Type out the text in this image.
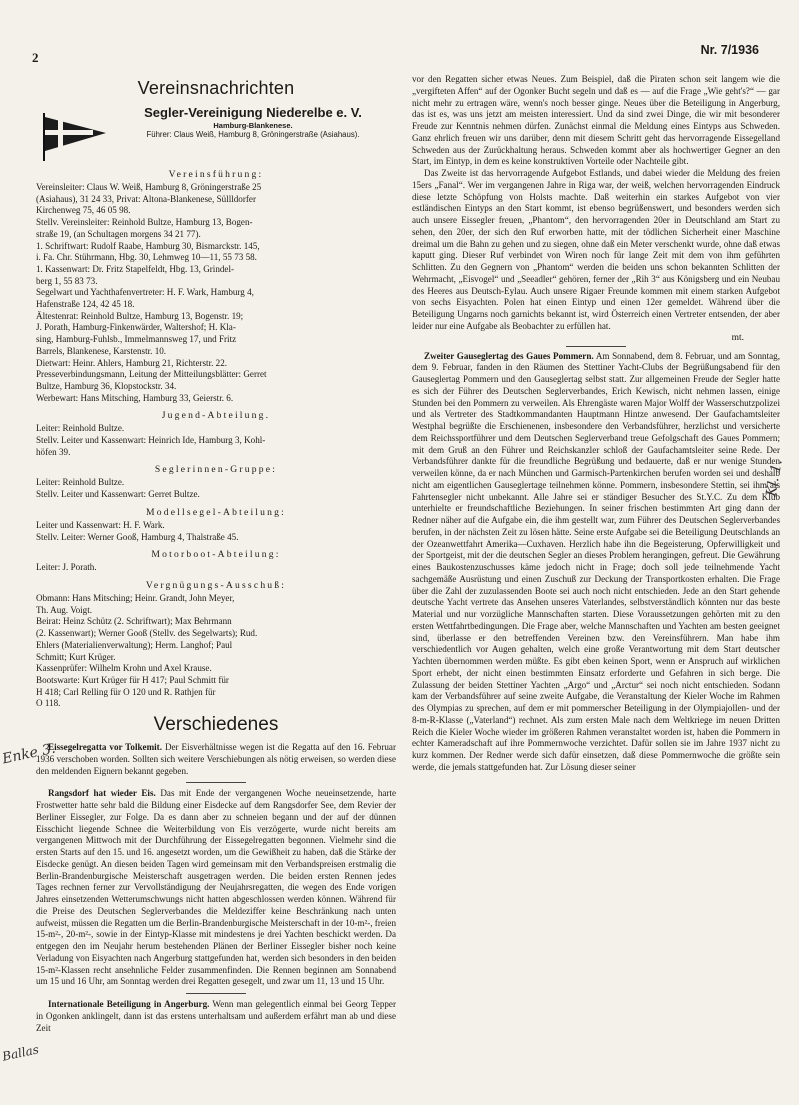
2	Nr. 7/1936
Vereinsnachrichten
Segler-Vereinigung Niederelbe e. V.
Hamburg-Blankenese.
Führer: Claus Weiß, Hamburg 8, Gröningerstraße (Asiahaus).
Vereinsführung:
Vereinsleiter: Claus W. Weiß, Hamburg 8, Gröningerstraße 25
(Asiahaus), 31 24 33, Privat: Altona-Blankenese, Süllldorfer
Kirchenweg 75, 46 05 98.
Stellv. Vereinsleiter: Reinhold Bultze, Hamburg 13, Bogen-
straße 19, (an Schultagen morgens 34 21 77).
1. Schriftwart: Rudolf Raabe, Hamburg 30, Bismarckstr. 145,
i. Fa. Chr. Stührmann, Hbg. 30, Lehmweg 10—11, 55 73 58.
1. Kassenwart: Dr. Fritz Stapelfeldt, Hbg. 13, Grindel-
berg 1, 55 83 73.
Segelwart und Yachthafenvertreter: H. F. Wark, Hamburg 4,
Hafenstraße 124, 42 45 18.
Ältestenrat: Reinhold Bultze, Hamburg 13, Bogenstr. 19;
J. Porath, Hamburg-Finkenwärder, Waltershof; H. Kla-
sing, Hamburg-Fuhlsb., Immelmannsweg 17, und Fritz
Barrels, Blankenese, Karstenstr. 10.
Dietwart: Heinr. Ahlers, Hamburg 21, Richterstr. 22.
Presseverbindungsmann, Leitung der Mitteilungsblätter: Gerret
Bultze, Hamburg 36, Klopstockstr. 34.
Werbewart: Hans Mitsching, Hamburg 33, Geierstr. 6.
Jugend-Abteilung.
Leiter: Reinhold Bultze.
Stellv. Leiter und Kassenwart: Heinrich Ide, Hamburg 3, Kohl-
höfen 39.
Seglerinnen-Gruppe:
Leiter: Reinhold Bultze.
Stellv. Leiter und Kassenwart: Gerret Bultze.
Modellsegel-Abteilung:
Leiter und Kassenwart: H. F. Wark.
Stellv. Leiter: Werner Gooß, Hamburg 4, Thalstraße 45.
Motorboot-Abteilung:
Leiter: J. Porath.
Vergnügungs-Ausschuß:
Obmann: Hans Mitsching; Heinr. Grandt, John Meyer,
Th. Aug. Voigt.
Beirat: Heinz Schütz (2. Schriftwart); Max Behrmann
(2. Kassenwart); Werner Gooß (Stellv. des Segelwarts); Rud.
Ehlers (Materialienverwaltung); Herm. Langhof; Paul
Schmitt; Kurt Krüger.
Kassenprüfer: Wilhelm Krohn und Axel Krause.
Bootswarte: Kurt Krüger für H 417; Paul Schmitt für
H 418; Carl Relling für O 120 und R. Rathjen für
O 118.
Verschiedenes

Eissegelregatta vor Tolkemit. Der Eisverhältnisse wegen ist die Regatta auf den 16. Februar 1936 verschoben worden. Sollten sich weitere Verschiebungen als nötig erweisen, so werden diese den meldenden Eignern bekannt gegeben.

Rangsdorf hat wieder Eis. Das mit Ende der vergangenen Woche neueinsetzende, harte Frostwetter hatte sehr bald die Bildung einer Eisdecke auf dem Rangsdorfer See, dem Revier der Berliner Eissegler, zur Folge. Da es dann aber zu schneien begann und der auf der dünnen Eisschicht liegende Schnee die Weiterbildung von Eis verzögerte, wurde nicht bereits am vergangenen Mittwoch mit der Durchführung der Eissegelregatten begonnen. Vielmehr sind die ersten Starts auf den 15. und 16. angesetzt worden, um die Gewißheit zu haben, daß die Stärke der Eisdecke genügt. An diesen beiden Tagen wird gemeinsam mit den Verbandspreisen erstmalig die Berlin-Brandenburgische Meisterschaft ausgetragen werden. Die beiden ersten Rennen jedes Tages rechnen ferner zur Vervollständigung der Neujahrsregatten, die wegen des Ende vorigen Jahres einsetzenden Wetterumschwungs nicht hatten abgeschlossen werden können. Während für die Preise des Deutschen Seglerverbandes die Meldeziffer keine Beschränkung nach unten aufweist, müssen die Regatten um die Berlin-Brandenburgische Meisterschaft in der 10-m²-, freien 15-m²-, 20-m²-, sowie in der Eintyp-Klasse mit mindestens je drei Yachten beschickt werden. Da entgegen den im Neujahr herum bestehenden Plänen der Berliner Eissegler bisher noch keine Verladung von Eisyachten nach Angerburg stattgefunden hat, werden sich besonders in den beiden 15-m²-Klassen recht ansehnliche Felder zusammenfinden. Die Rennen beginnen am Sonnabend um 15 und 16 Uhr, am Sonntag werden drei Regatten gesegelt, und zwar um 11, 13 und 15 Uhr.

Internationale Beteiligung in Angerburg. Wenn man gelegentlich einmal bei Georg Tepper in Ogonken anklingelt, dann ist das erstens unterhaltsam und außerdem erfährt man ab und diese Zeit

vor den Regatten sicher etwas Neues. Zum Beispiel, daß die Piraten schon seit langem wie die „vergifteten Affen“ auf der Ogonker Bucht segeln und daß es — auf die Frage „Wie geht's?“ — gar nicht mehr zu ertragen wäre, wenn's noch besser ginge. Neues über die Beteiligung in Angerburg, das ist es, was uns jetzt am meisten interessiert. Und da sind zwei Dinge, die wir mit besonderer Freude zur Kenntnis nehmen dürfen. Zunächst einmal die Meldung eines Eintyps aus Schweden. Ganz ehrlich freuen wir uns darüber, denn mit diesem Schritt geht das hervorragende Eissegelland Schweden aus der Zurückhaltung heraus. Schweden kommt aber als hochwertiger Gegner an den Start, im Eintyp, in dem es keine konstruktiven Vorteile oder Nachteile gibt.

Das Zweite ist das hervorragende Aufgebot Estlands, und dabei wieder die Meldung des freien 15ers „Fanal“. Wer im vergangenen Jahre in Riga war, der weiß, welchen hervorragenden Eindruck diese letzte Schöpfung von Holsts machte. Daß weiterhin ein starkes Aufgebot von vier estländischen Eintyps an den Start kommt, ist ebenso begrüßenswert, und besonders werden sich auch unsere Eissegler freuen, „Phantom“, den hervorragenden 20er in Deutschland am Start zu sehen, den 20er, der sich den Ruf erworben hatte, mit der tödlichen Sicherheit einer Maschine dreimal um die Bahn zu gehen und zu siegen, ohne daß ein Meter verschenkt wurde, ohne daß etwas kaputt ging. Dieser Ruf verbindet von Wiren noch für lange Zeit mit dem von ihm geführten Schlitten. Zu den Gegnern von „Phantom“ werden die beiden uns schon bekannten Schlitten der Wehrmacht, „Eisvogel“ und „Seeadler“ gehören, ferner der „Rih 3“ aus Königsberg und ein Neubau des Heeres aus Deutsch-Eylau. Auch unsere Rigaer Freunde kommen mit einem starken Aufgebot von sechs Eisyachten. Polen hat einen Eintyp und einen 12er gemeldet. Während über die Beteiligung Ungarns noch garnichts bekannt ist, wird Österreich einen Vertreter entsenden, der aber leider nur eine Aufgabe als Beobachter zu erfüllen hat.

mt.

Zweiter Gauseglertag des Gaues Pommern. Am Sonnabend, dem 8. Februar, und am Sonntag, dem 9. Februar, fanden in den Räumen des Stettiner Yacht-Clubs der Begrüßungsabend für den Gauseglertag Pommern und den Gauseglertag selbst statt. Zur allgemeinen Freude der Segler hatte es sich der Führer des Deutschen Seglerverbandes, Erich Kewisch, nicht nehmen lassen, einige Stunden bei den Pommern zu verweilen. Als Ehrengäste waren Major Wolff der Wasserschutzpolizei und als Vertreter des Stadtkommandanten Hauptmann Hintze anwesend. Der Gaufachamtsleiter Westphal begrüßte die Erschienenen, insbesondere den Verbandsführer, herzlichst und versicherte dem Reichssportführer und dem Deutschen Seglerverband treue Gefolgschaft des Gaues Pommern; mit dem Gruß an den Führer und Reichskanzler schloß der Gaufachamtsleiter seine Rede. Der Verbandsführer dankte für die freundliche Begrüßung und bedauerte, daß er nur wenige Stunden verweilen könne, da er nach München und Garmisch-Partenkirchen berufen worden sei und deshalb nicht am eigentlichen Gauseglertage teilnehmen könne. Pommern, insbesondere Stettin, sei ihm als Fahrtensegler nicht unbekannt. Alle Jahre sei er ständiger Besucher des St.Y.C. Zu dem Klub unterhielte er freundschaftliche Beziehungen. In seiner frischen bestimmten Art ging dann der Redner näher auf die Aufgabe ein, die ihm gestellt war, zum Führer des Deutschen Seglerverbandes berufen, in der nächsten Zeit zu lösen hätte. Seine erste Aufgabe sei die Beteiligung Deutschlands an der Ozeanwettfahrt Amerika—Cuxhaven. Herzlich habe ihn die Begeisterung, Opferwilligkeit und der Sportgeist, mit der die deutschen Segler an dieses Problem herangingen, gefreut. Die Gewährung eines Baukostenzuschusses käme jedoch nicht in Frage; doch soll jede teilnehmende Yacht sachgemäße Ausrüstung und einen Zuschuß zur Deckung der Transportkosten erhalten. Die Frage über die Zahl der zuzulassenden Boote sei auch noch nicht entschieden. Jede an den Start gehende deutsche Yacht vertrete das Ansehen unseres Vaterlandes, selbstverständlich könnten nur das beste Material und nur vorzügliche Mannschaften starten. Diese Voraussetzungen gehörten mit zu den ersten Wettfahrtbedingungen. Die Frage aber, welche Mannschaften und Yachten am besten geeignet sind, überlasse er den betreffenden Vereinen bzw. den Vereinsführern. Man habe ihm verschiedentlich vor Augen gehalten, welch eine große Verantwortung mit dem Start deutscher Yachten übernommen werden müßte. Es gibt eben keinen Sport, wenn er Anspruch auf wirklichen Sport erhebt, der nicht einen bestimmten Einsatz erforderte und Gefahren in sich berge. Die Zulassung der beiden Stettiner Yachten „Argo“ und „Arctur“ sei noch nicht entschieden. Sodann kam der Verbandsführer auf seine zweite Aufgabe, die Veranstaltung der Kieler Woche im Rahmen des Olympias zu sprechen, auf dem er mit pommerscher Beteiligung in der Olympiajollen- und der 8-m-R-Klasse („Vaterland“) rechnet. Als zum ersten Male nach dem Weltkriege im neuen Dritten Reich die Kieler Woche wieder im größeren Rahmen veranstaltet worden ist, haben die Pommern in echter Kameradschaft auf ihre Pommernwoche verzichtet. Dafür sollen sie im Jahre 1937 nicht zu kurz kommen. Der Redner werde sich dafür einsetzen, daß diese Pommernwoche die größte sein werde, die jemals stattgefunden hat. Zur Lösung dieser seiner

Enke 3.
Ballas
Kl. 1.
